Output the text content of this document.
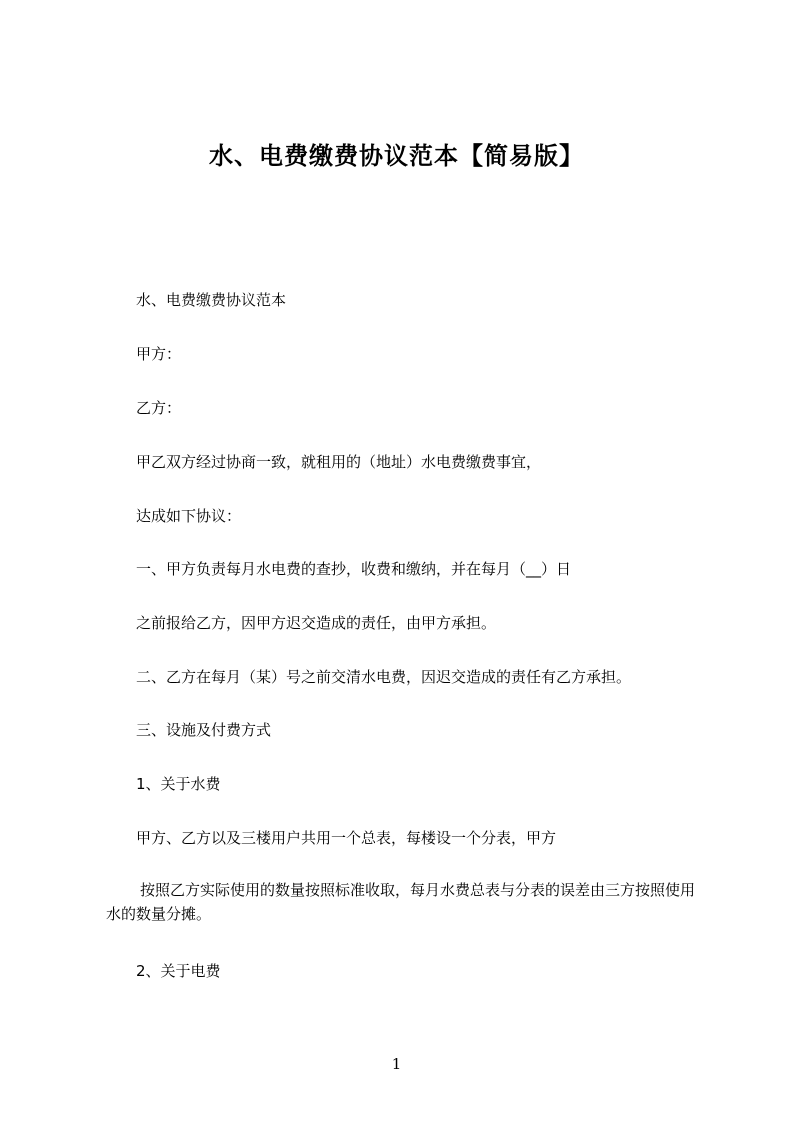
水、电费缴费协议范本【简易版】

水、电费缴费协议范本

甲方：

乙方：

甲乙双方经过协商一致，就租用的（地址）水电费缴费事宜，

达成如下协议：

一、甲方负责每月水电费的查抄，收费和缴纳，并在每月（__）日

之前报给乙方，因甲方迟交造成的责任，由甲方承担。

二、乙方在每月（某）号之前交清水电费，因迟交造成的责任有乙方承担。

三、设施及付费方式

1、关于水费

甲方、乙方以及三楼用户共用一个总表，每楼设一个分表，甲方

按照乙方实际使用的数量按照标准收取，每月水费总表与分表的误差由三方按照使用水的数量分摊。

2、关于电费

1
